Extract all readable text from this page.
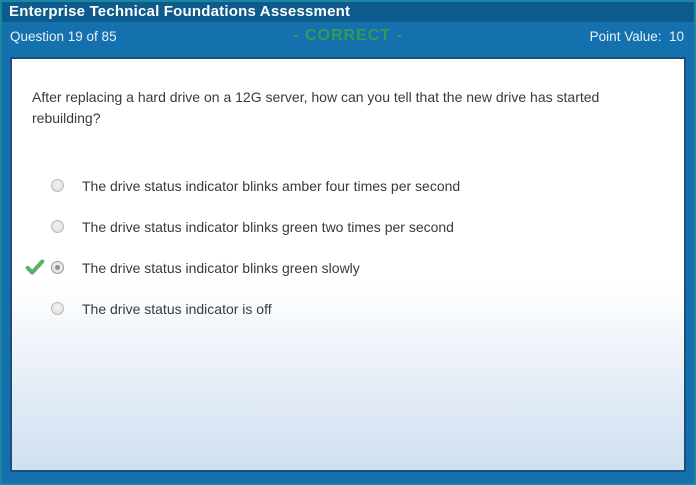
Enterprise Technical Foundations Assessment
Question 19 of 85	- CORRECT -	Point Value:  10
After replacing a hard drive on a 12G server, how can you tell that the new drive has started rebuilding?
The drive status indicator blinks amber four times per second
The drive status indicator blinks green two times per second
The drive status indicator blinks green slowly
The drive status indicator is off
